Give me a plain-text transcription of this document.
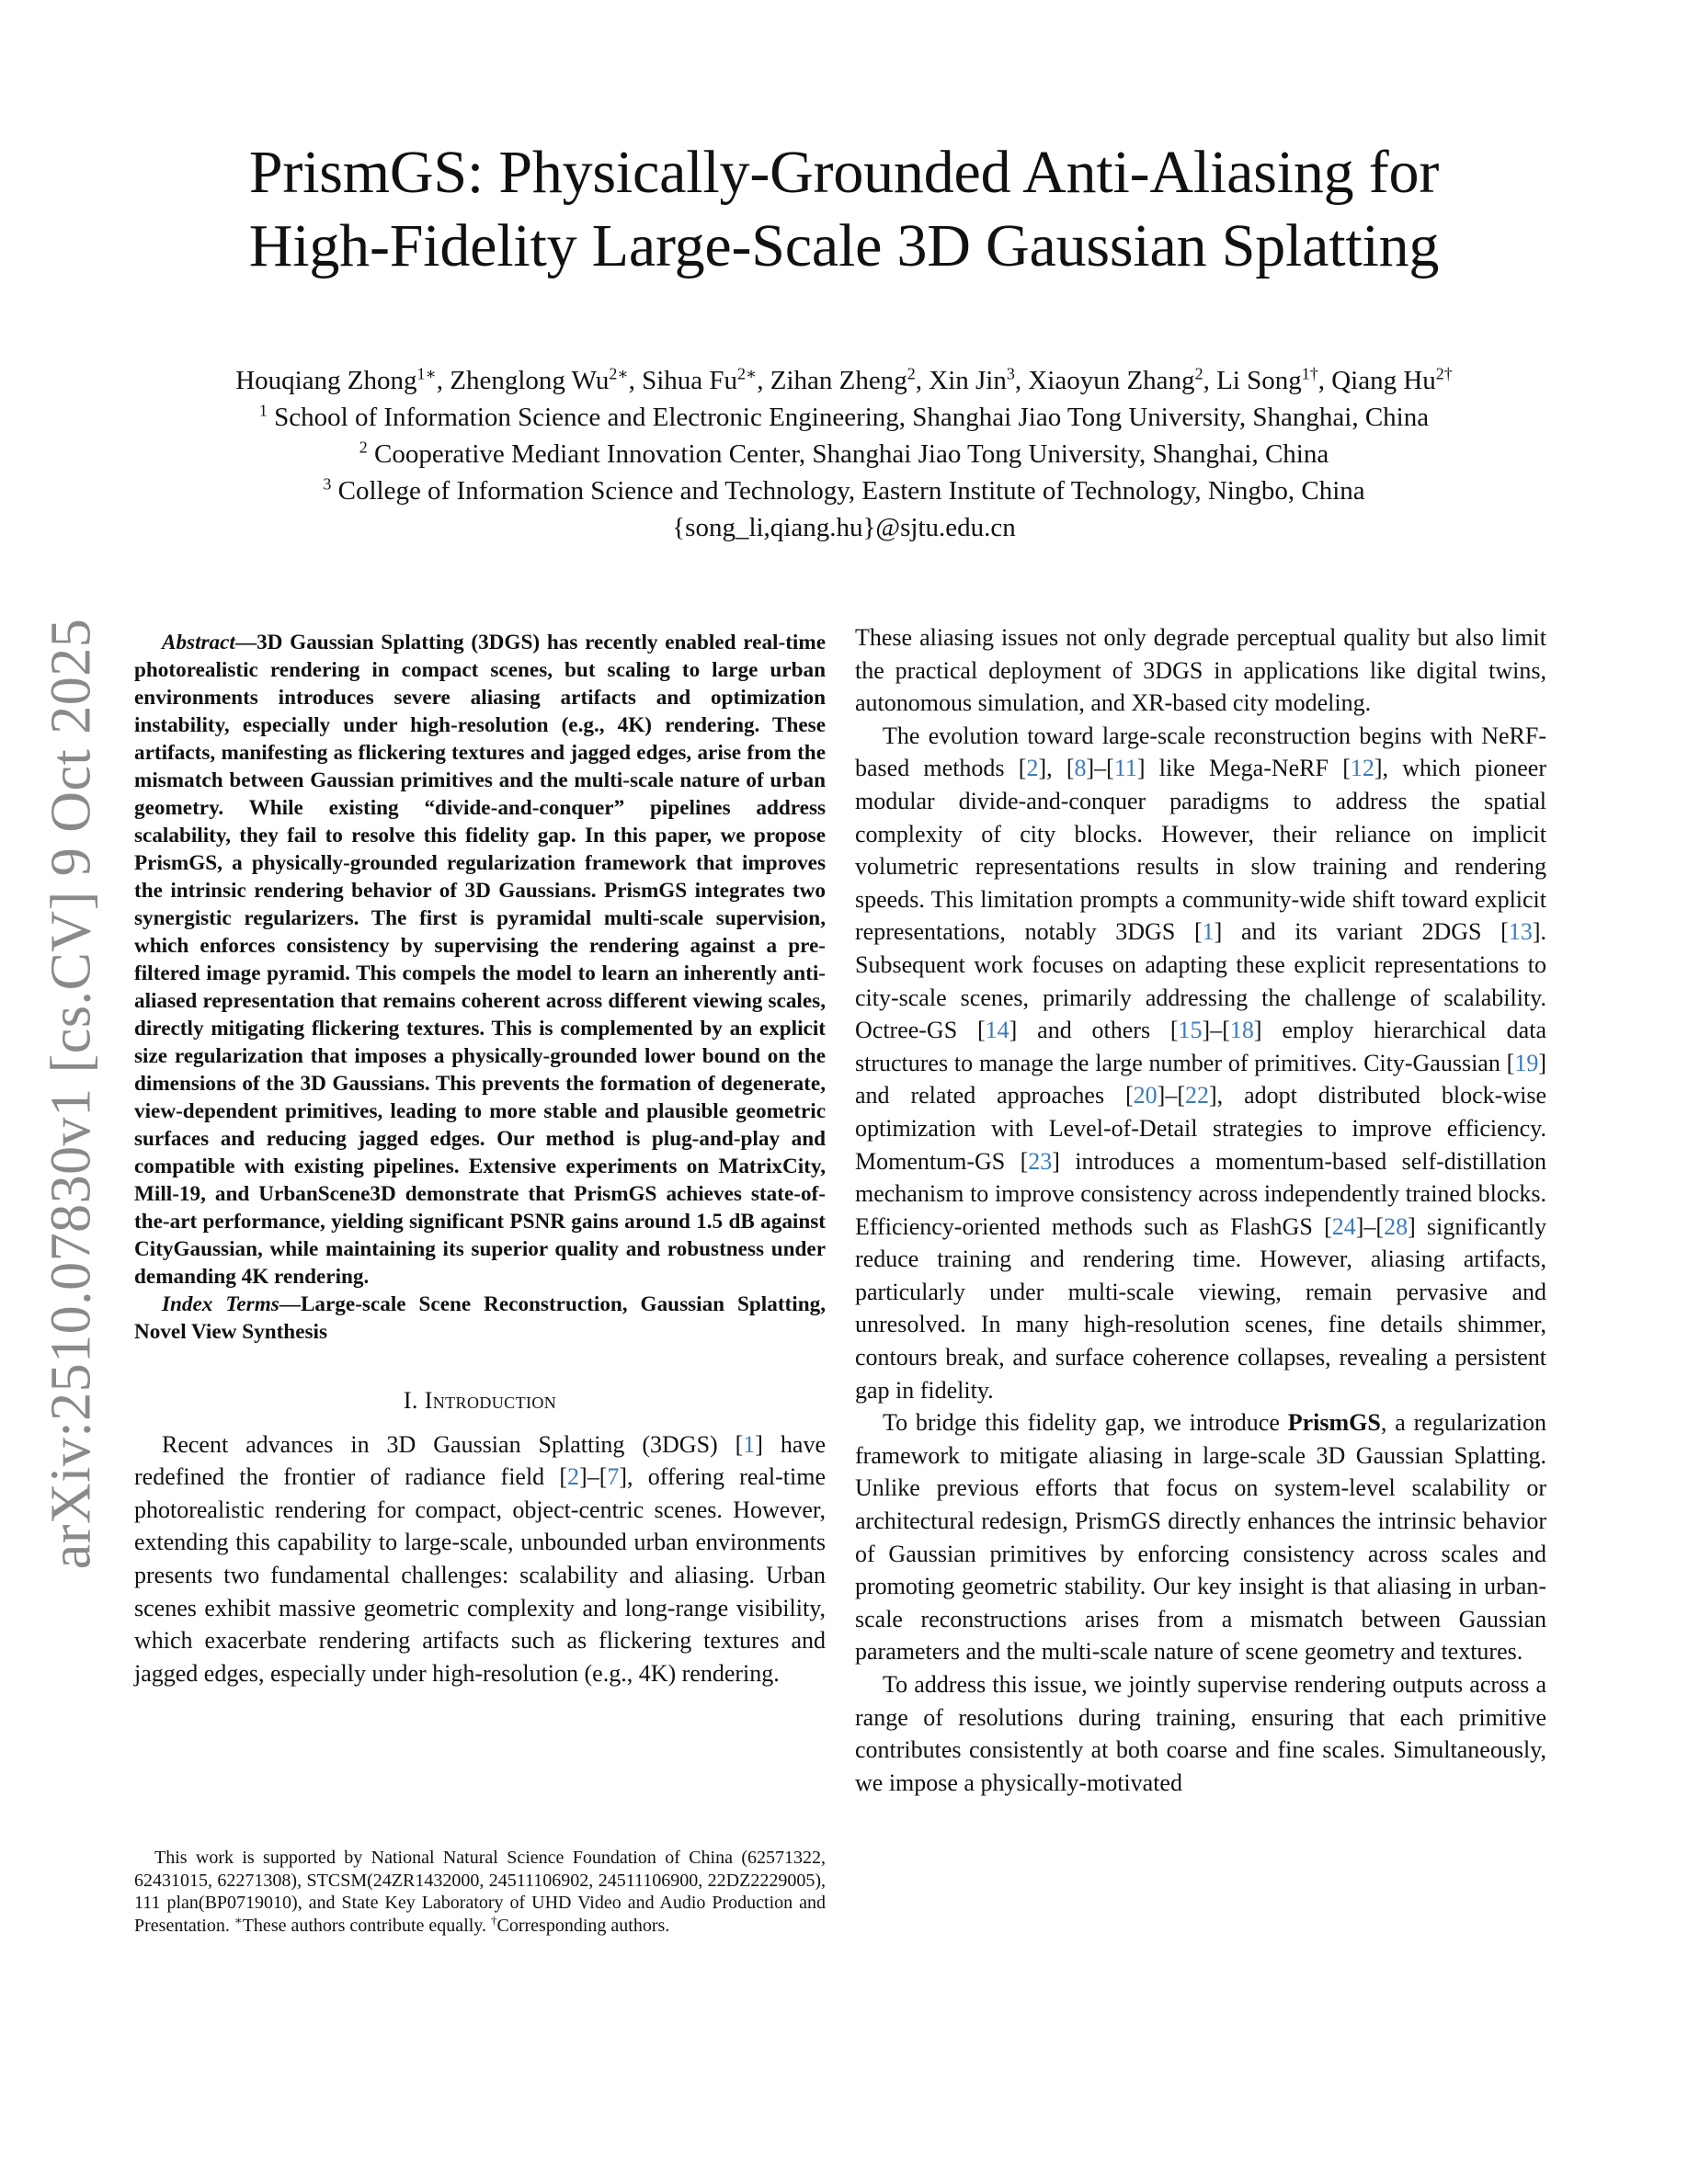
PrismGS: Physically-Grounded Anti-Aliasing for
High-Fidelity Large-Scale 3D Gaussian Splatting
Houqiang Zhong$^{1∗}$, Zhenglong $Wu^{2∗}$, Sihua $Fu^{2∗}$, Zihan Zheng$^2$, Xin Jin$^3$, Xiaoyun Zhang$^2$, Li Song$^{1\dagger}$, Qiang $Hu^{2\dagger}$
$^1$ School of Information Science and Electronic Engineering, Shanghai Jiao Tong University, Shanghai, China
$^2$ Cooperative Mediant Innovation Center, Shanghai Jiao Tong University, Shanghai, China
$^3$ College of Information Science and Technology, Eastern Institute of Technology, Ningbo, China
{song_li,qiang.hu}@sjtu.edu.cn
arXiv:2510.07830v1 [cs.CV] 9 Oct 2025	Abstract—3D Gaussian Splatting (3DGS) has recently enabled real-time photorealistic rendering in compact scenes, but scaling to large urban environments introduces severe aliasing artifacts and optimization instability, especially under high-resolution (e.g., 4K) rendering. These artifacts, manifesting as flickering textures and jagged edges, arise from the mismatch between Gaussian primitives and the multi-scale nature of urban geometry. While existing “divide-and-conquer” pipelines address scalability, they fail to resolve this fidelity gap. In this paper, we propose PrismGS, a physically-grounded regularization framework that improves the intrinsic rendering behavior of 3D Gaussians. PrismGS integrates two synergistic regularizers. The first is pyramidal multi-scale supervision, which enforces consistency by supervising the rendering against a pre-filtered image pyramid. This compels the model to learn an inherently anti-aliased representation that remains coherent across different viewing scales, directly mitigating flickering textures. This is complemented by an explicit size regularization that imposes a physically-grounded lower bound on the dimensions of the 3D Gaussians. This prevents the formation of degenerate, view-dependent primitives, leading to more stable and plausible geometric surfaces and reducing jagged edges. Our method is plug-and-play and compatible with existing pipelines. Extensive experiments on MatrixCity, Mill-19, and UrbanScene3D demonstrate that PrismGS achieves state-of-the-art performance, yielding significant PSNR gains around 1.5 dB against CityGaussian, while maintaining its superior quality and robustness under demanding 4K rendering.

Index Terms—Large-scale Scene Reconstruction, Gaussian Splatting, Novel View Synthesis

I. Introduction

Recent advances in 3D Gaussian Splatting (3DGS) [1] have redefined the frontier of radiance field [2]–[7], offering real-time photorealistic rendering for compact, object-centric scenes. However, extending this capability to large-scale, unbounded urban environments presents two fundamental challenges: scalability and aliasing. Urban scenes exhibit massive geometric complexity and long-range visibility, which exacerbate rendering artifacts such as flickering textures and jagged edges, especially under high-resolution (e.g., 4K) rendering.

This work is supported by National Natural Science Foundation of China (62571322, 62431015, 62271308), STCSM(24ZR1432000, 24511106902, 24511106900, 22DZ2229005), 111 plan(BP0719010), and State Key Laboratory of UHD Video and Audio Production and Presentation. ∗These authors contribute equally. †Corresponding authors.

These aliasing issues not only degrade perceptual quality but also limit the practical deployment of 3DGS in applications like digital twins, autonomous simulation, and XR-based city modeling.

The evolution toward large-scale reconstruction begins with NeRF-based methods [2], [8]–[11] like Mega-NeRF [12], which pioneer modular divide-and-conquer paradigms to address the spatial complexity of city blocks. However, their reliance on implicit volumetric representations results in slow training and rendering speeds. This limitation prompts a community-wide shift toward explicit representations, notably 3DGS [1] and its variant 2DGS [13]. Subsequent work focuses on adapting these explicit representations to city-scale scenes, primarily addressing the challenge of scalability. Octree-GS [14] and others [15]–[18] employ hierarchical data structures to manage the large number of primitives. City-Gaussian [19] and related approaches [20]–[22], adopt distributed block-wise optimization with Level-of-Detail strategies to improve efficiency. Momentum-GS [23] introduces a momentum-based self-distillation mechanism to improve consistency across independently trained blocks. Efficiency-oriented methods such as FlashGS [24]–[28] significantly reduce training and rendering time. However, aliasing artifacts, particularly under multi-scale viewing, remain pervasive and unresolved. In many high-resolution scenes, fine details shimmer, contours break, and surface coherence collapses, revealing a persistent gap in fidelity.

To bridge this fidelity gap, we introduce PrismGS, a regularization framework to mitigate aliasing in large-scale 3D Gaussian Splatting. Unlike previous efforts that focus on system-level scalability or architectural redesign, PrismGS directly enhances the intrinsic behavior of Gaussian primitives by enforcing consistency across scales and promoting geometric stability. Our key insight is that aliasing in urban-scale reconstructions arises from a mismatch between Gaussian parameters and the multi-scale nature of scene geometry and textures.

To address this issue, we jointly supervise rendering outputs across a range of resolutions during training, ensuring that each primitive contributes consistently at both coarse and fine scales. Simultaneously, we impose a physically-motivated
